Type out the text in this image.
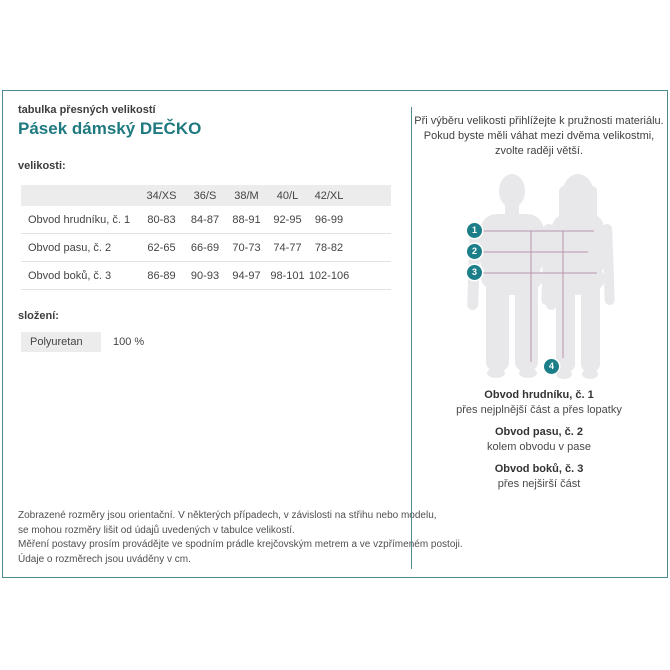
tabulka přesných velikostí
Pásek dámský DEČKO
velikosti:
	34/XS	36/S	38/M	40/L	42/XL	
Obvod hrudníku, č. 1	80-83	84-87	88-91	92-95	96-99	
Obvod pasu, č. 2	62-65	66-69	70-73	74-77	78-82	
Obvod boků, č. 3	86-89	90-93	94-97	98-101	102-106	
složení:
Polyuretan	100 %
Zobrazené rozměry jsou orientační. V některých případech, v závislosti na střihu nebo modelu,
se mohou rozměry lišit od údajů uvedených v tabulce velikostí.
Měření postavy prosím provádějte ve spodním prádle krejčovským metrem a ve vzpřímeném postoji.
Údaje o rozměrech jsou uváděny v cm.
Při výběru velikosti přihlížejte k pružnosti materiálu.
Pokud byste měli váhat mezi dvěma velikostmi,
zvolte raději větší.
1
2
3
4
Obvod hrudníku, č. 1
přes nejplnější část a přes lopatky
Obvod pasu, č. 2
kolem obvodu v pase
Obvod boků, č. 3
přes nejširší část
